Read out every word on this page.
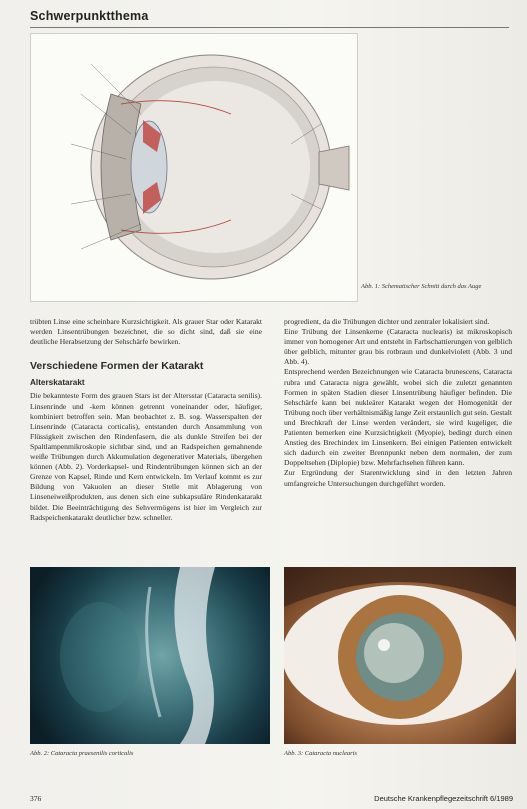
Schwerpunktthema
Abb. 1: Schematischer Schnitt durch das Auge

trübten Linse eine scheinbare Kurzsichtigkeit. Als grauer Star oder Katarakt werden Linsentrübungen bezeichnet, die so dicht sind, daß sie eine deutliche Herabsetzung der Sehschärfe bewirken.

Verschiedene Formen der Katarakt
Alterskatarakt

Die bekannteste Form des grauen Stars ist der Altersstar (Cataracta senilis). Linsenrinde und -kern können getrennt voneinander oder, häufiger, kombiniert betroffen sein. Man beobachtet z. B. sog. Wasserspalten der Linsenrinde (Cataracta corticalis), entstanden durch Ansammlung von Flüssigkeit zwischen den Rindenfasern, die als dunkle Streifen bei der Spaltlampenmikroskopie sichtbar sind, und an Radspeichen gemahnende weiße Trübungen durch Akkumulation degenerativer Materials, übergehen können (Abb. 2). Vorderkapsel- und Rindentrübungen können sich an der Grenze von Kapsel, Rinde und Kern entwickeln. Im Verlauf kommt es zur Bildung von Vakuolen an dieser Stelle mit Ablagerung von Linseneiweißprodukten, aus denen sich eine subkapsuläre Rindenkatarakt bildet. Die Beeinträchtigung des Sehvermögens ist hier im Vergleich zur Radspeichenkatarakt deutlicher bzw. schneller.

progredient, da die Trübungen dichter und zentraler lokalisiert sind.

Eine Trübung der Linsenkerne (Cataracta nuclearis) ist mikroskopisch immer von homogener Art und entsteht in Farbschattierungen von gelblich über gelblich, mitunter grau bis rotbraun und dunkelviolett (Abb. 3 und Abb. 4).

Entsprechend werden Bezeichnungen wie Cataracta brunescens, Cataracta rubra und Cataracta nigra gewählt, wobei sich die zuletzt genannten Formen in späten Stadien dieser Linsentrübung häufiger befinden. Die Sehschärfe kann bei nukleärer Katarakt wegen der Homogenität der Trübung noch über verhältnismäßig lange Zeit erstaunlich gut sein. Gestalt und Brechkraft der Linse werden verändert, sie wird kugeliger, die Patienten bemerken eine Kurzsichtigkeit (Myopie), bedingt durch einen Anstieg des Brechindex im Linsenkern. Bei einigen Patienten entwickelt sich dadurch ein zweiter Brennpunkt neben dem normalen, der zum Doppeltsehen (Diplopie) bzw. Mehrfachsehen führen kann.

Zur Ergründung der Starentwicklung sind in den letzten Jahren umfangreiche Untersuchungen durchgeführt worden.

Abb. 2: Cataracta praesenilis corticalis	Abb. 3: Cataracta nuclearis
376	Deutsche Krankenpflegezeitschrift 6/1989
